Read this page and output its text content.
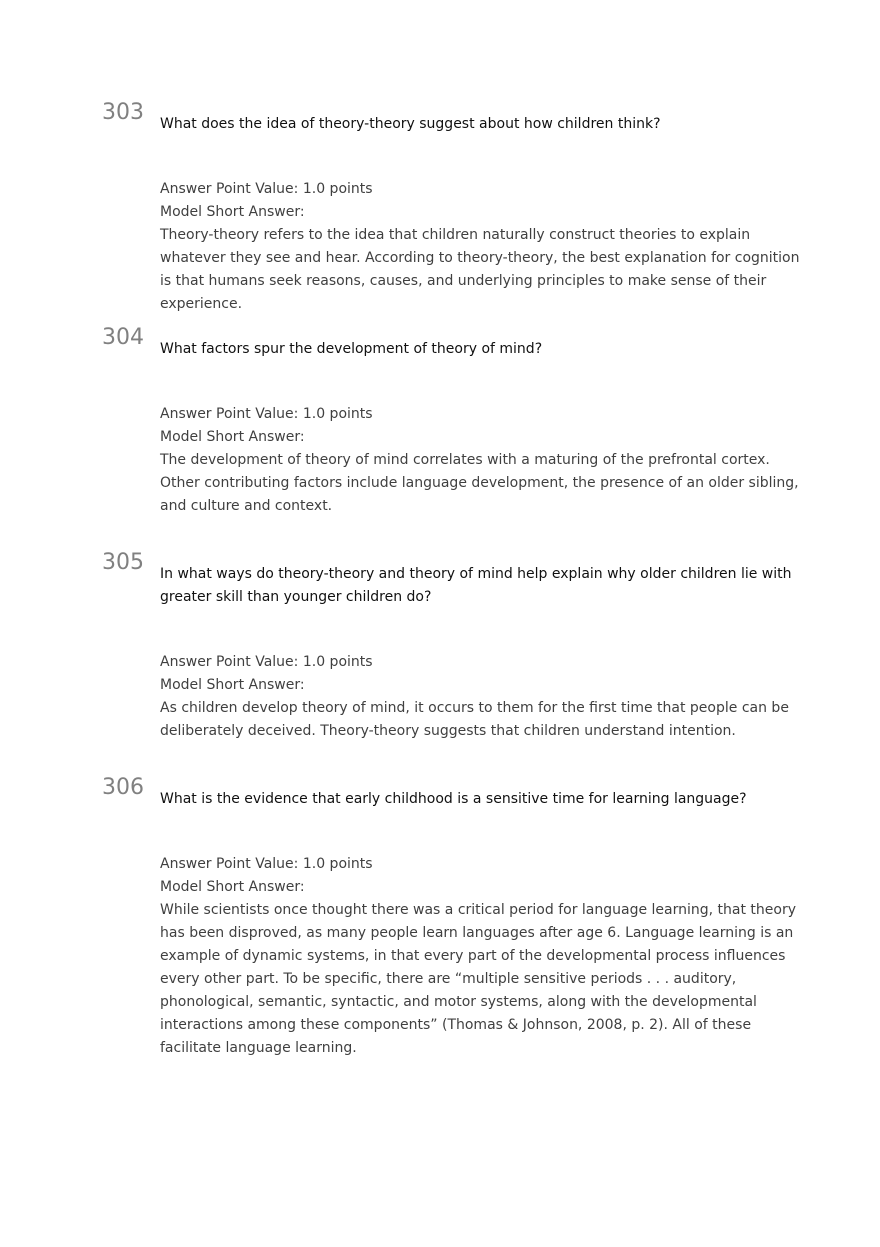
303 What does the idea of theory-theory suggest about how children think?
Answer Point Value: 1.0 points
Model Short Answer:
Theory-theory refers to the idea that children naturally construct theories to explain whatever they see and hear. According to theory-theory, the best explanation for cognition is that humans seek reasons, causes, and underlying principles to make sense of their experience.
304 What factors spur the development of theory of mind?
Answer Point Value: 1.0 points
Model Short Answer:
The development of theory of mind correlates with a maturing of the prefrontal cortex. Other contributing factors include language development, the presence of an older sibling, and culture and context.
305 In what ways do theory-theory and theory of mind help explain why older children lie with greater skill than younger children do?
Answer Point Value: 1.0 points
Model Short Answer:
As children develop theory of mind, it occurs to them for the first time that people can be deliberately deceived. Theory-theory suggests that children understand intention.
306 What is the evidence that early childhood is a sensitive time for learning language?
Answer Point Value: 1.0 points
Model Short Answer:
While scientists once thought there was a critical period for language learning, that theory has been disproved, as many people learn languages after age 6. Language learning is an example of dynamic systems, in that every part of the developmental process influences every other part. To be specific, there are “multiple sensitive periods . . . auditory, phonological, semantic, syntactic, and motor systems, along with the developmental interactions among these components” (Thomas & Johnson, 2008, p. 2). All of these facilitate language learning.
